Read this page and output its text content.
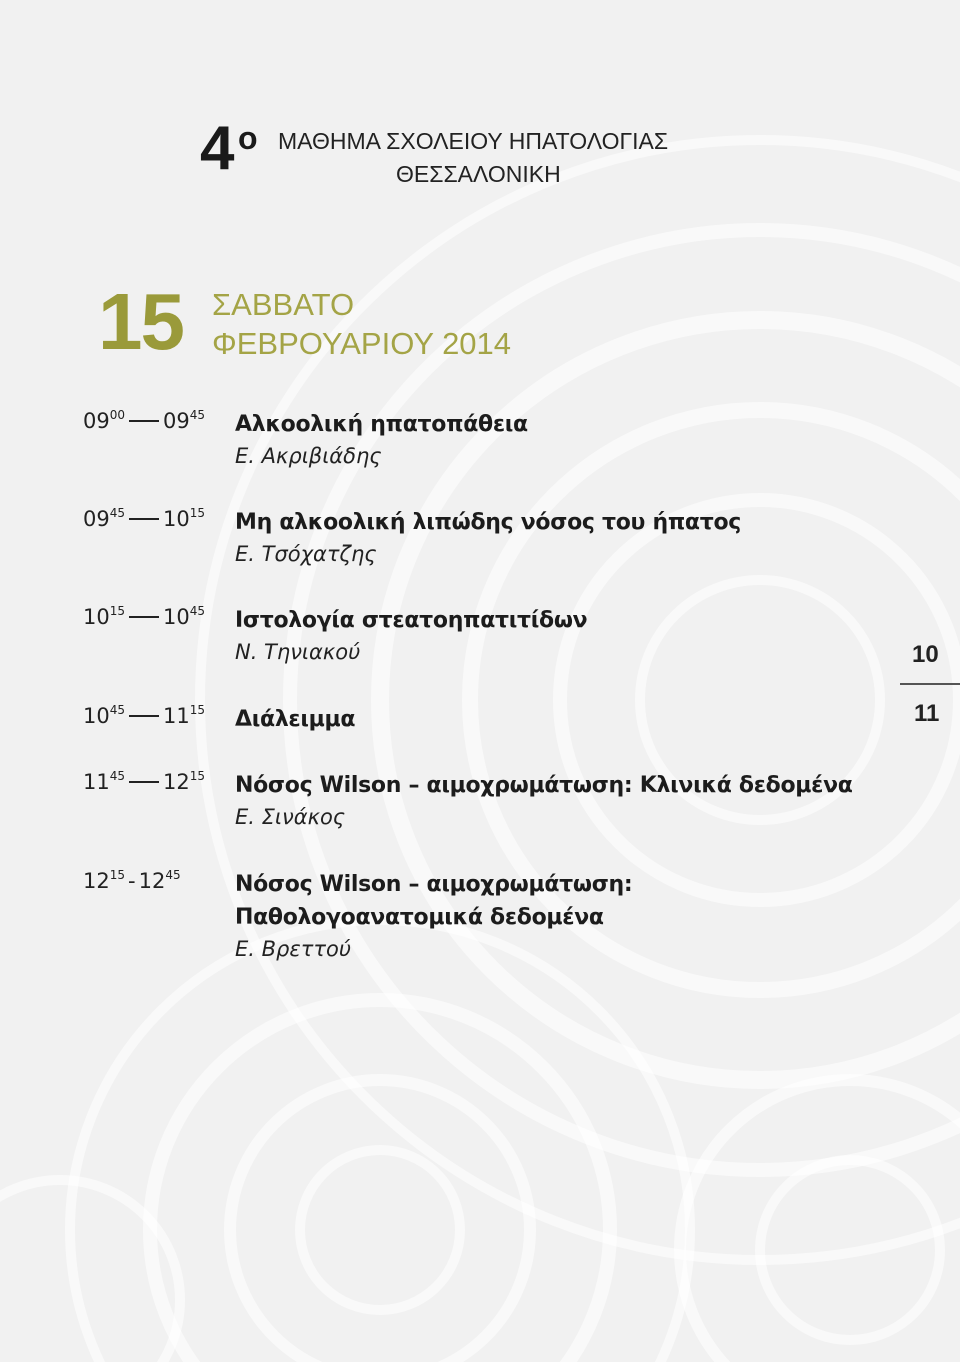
4 ο ΜΑΘΗΜΑ ΣΧΟΛΕΙΟΥ ΗΠΑΤΟΛΟΓΙΑΣ
ΘΕΣΣΑΛΟΝΙΚΗ
15 ΣΑΒΒΑΤΟ
ΦΕΒΡΟΥΑΡΙΟΥ 2014
$09^{00}$ $09^{45}$ Αλκοολική ηπατοπάθεια
Ε. Ακριβιάδης
$09^{45}$ $10^{15}$ Μη αλκοολική λιπώδης νόσος του ήπατος
Ε. Τσόχατζης
$10^{15}$ $10^{45}$ Ιστολογία στεατοηπατιτίδων
Ν. Τηνιακού
$10^{45}$ $11^{15}$ Διάλειμμα
$11^{45}$ $12^{15}$ Νόσος Wilson – αιμοχρωμάτωση: Κλινικά δεδομένα
Ε. Σινάκος
$12^{15} - 12^{45}$ Νόσος Wilson – αιμοχρωμάτωση: Παθολογοανατομικά δεδομένα
Ε. Βρεττού
10
11
